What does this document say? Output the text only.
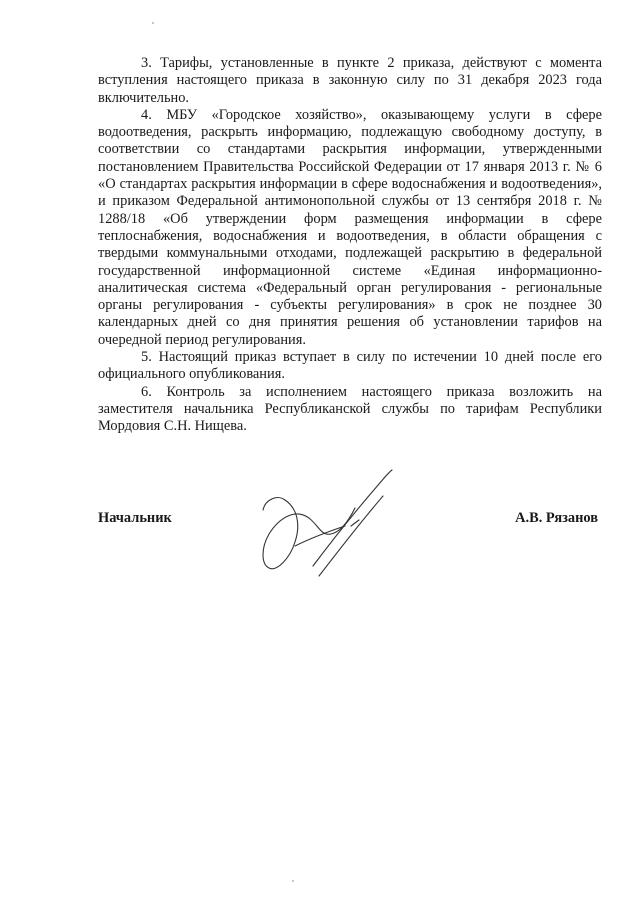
3. Тарифы, установленные в пункте 2 приказа, действуют с момента вступления настоящего приказа в законную силу по 31 декабря 2023 года включительно.

4. МБУ «Городское хозяйство», оказывающему услуги в сфере водоотведения, раскрыть информацию, подлежащую свободному доступу, в соответствии со стандартами раскрытия информации, утвержденными постановлением Правительства Российской Федерации от 17 января 2013 г. № 6 «О стандартах раскрытия информации в сфере водоснабжения и водоотведения», и приказом Федеральной антимонопольной службы от 13 сентября 2018 г. № 1288/18 «Об утверждении форм размещения информации в сфере теплоснабжения, водоснабжения и водоотведения, в области обращения с твердыми коммунальными отходами, подлежащей раскрытию в федеральной государственной информационной системе «Единая информационно-аналитическая система «Федеральный орган регулирования - региональные органы регулирования - субъекты регулирования» в срок не позднее 30 календарных дней со дня принятия решения об установлении тарифов на очередной период регулирования.

5. Настоящий приказ вступает в силу по истечении 10 дней после его официального опубликования.

6. Контроль за исполнением настоящего приказа возложить на заместителя начальника Республиканской службы по тарифам Республики Мордовия С.Н. Нищева.

Начальник	А.В. Рязанов
